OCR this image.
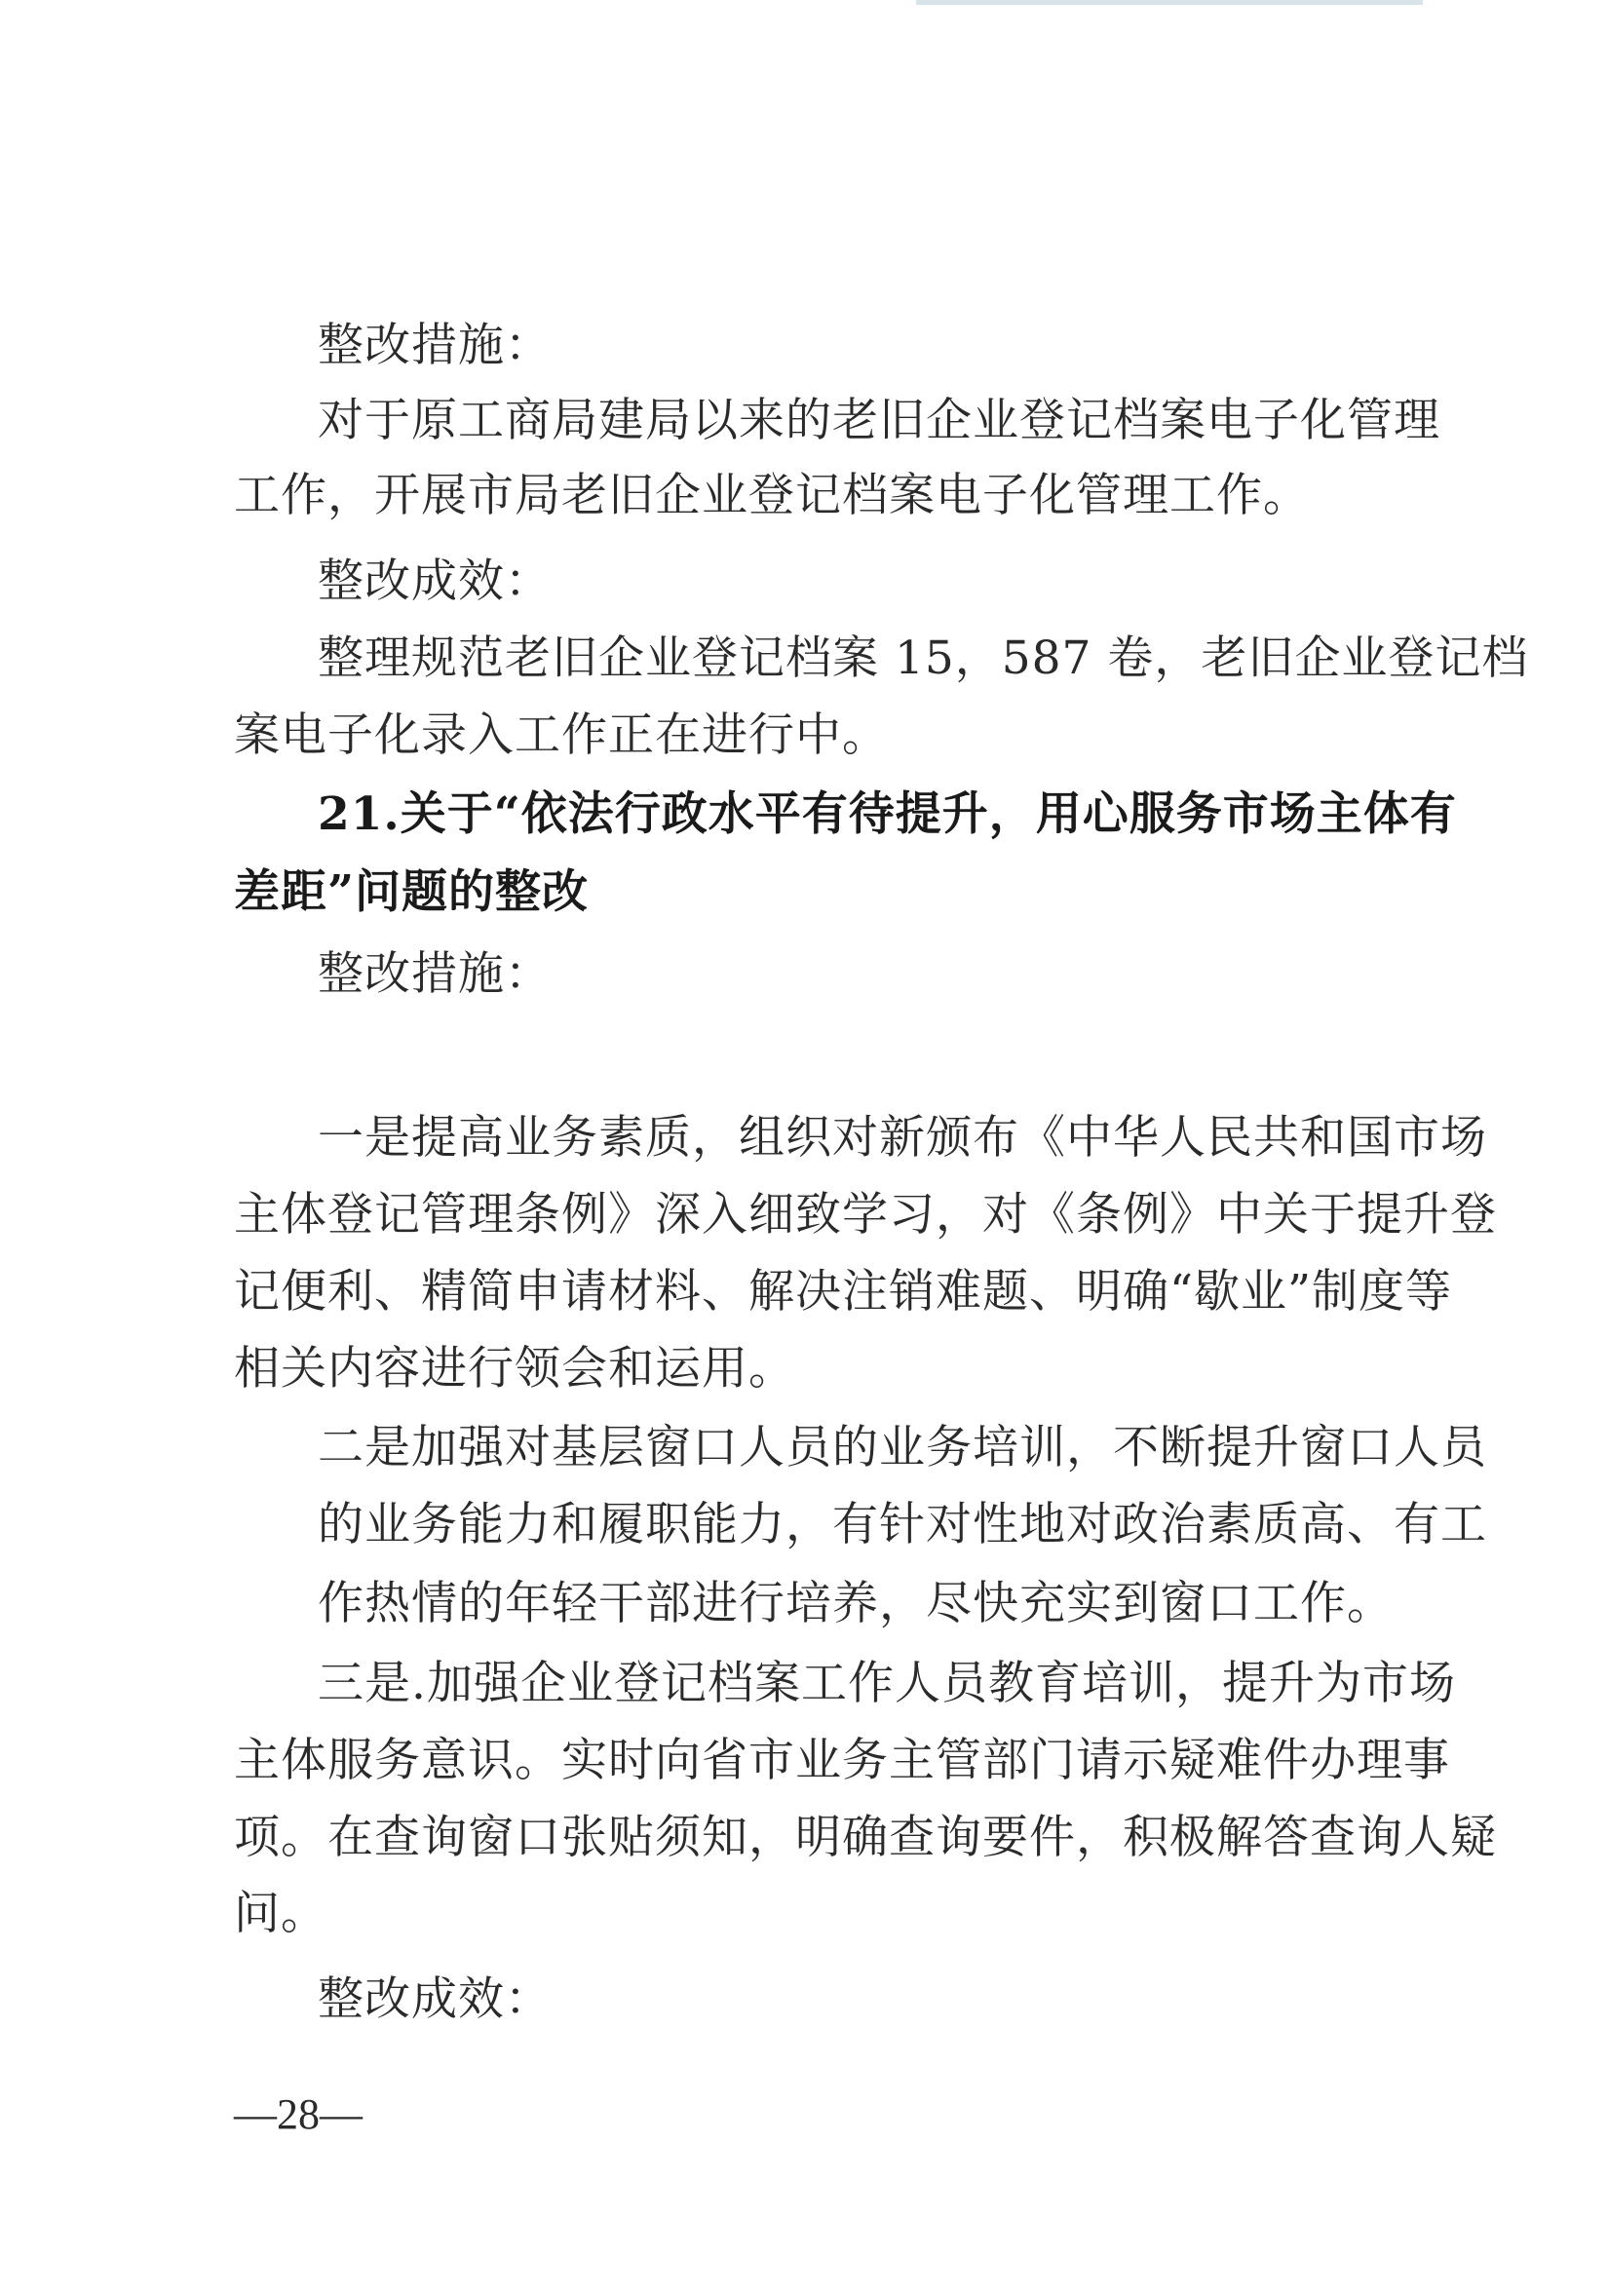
整改措施：
对于原工商局建局以来的老旧企业登记档案电子化管理
工作，开展市局老旧企业登记档案电子化管理工作。
整改成效：
整理规范老旧企业登记档案 15，587 卷，老旧企业登记档
案电子化录入工作正在进行中。
21.关于“依法行政水平有待提升，用心服务市场主体有
差距”问题的整改
整改措施：
一是提高业务素质，组织对新颁布《中华人民共和国市场
主体登记管理条例》深入细致学习，对《条例》中关于提升登
记便利、精简申请材料、解决注销难题、明确“歇业”制度等
相关内容进行领会和运用。
二是加强对基层窗口人员的业务培训，不断提升窗口人员
的业务能力和履职能力，有针对性地对政治素质高、有工
作热情的年轻干部进行培养，尽快充实到窗口工作。
三是.加强企业登记档案工作人员教育培训，提升为市场
主体服务意识。实时向省市业务主管部门请示疑难件办理事
项。在查询窗口张贴须知，明确查询要件，积极解答查询人疑
问。
整改成效：
—28—
